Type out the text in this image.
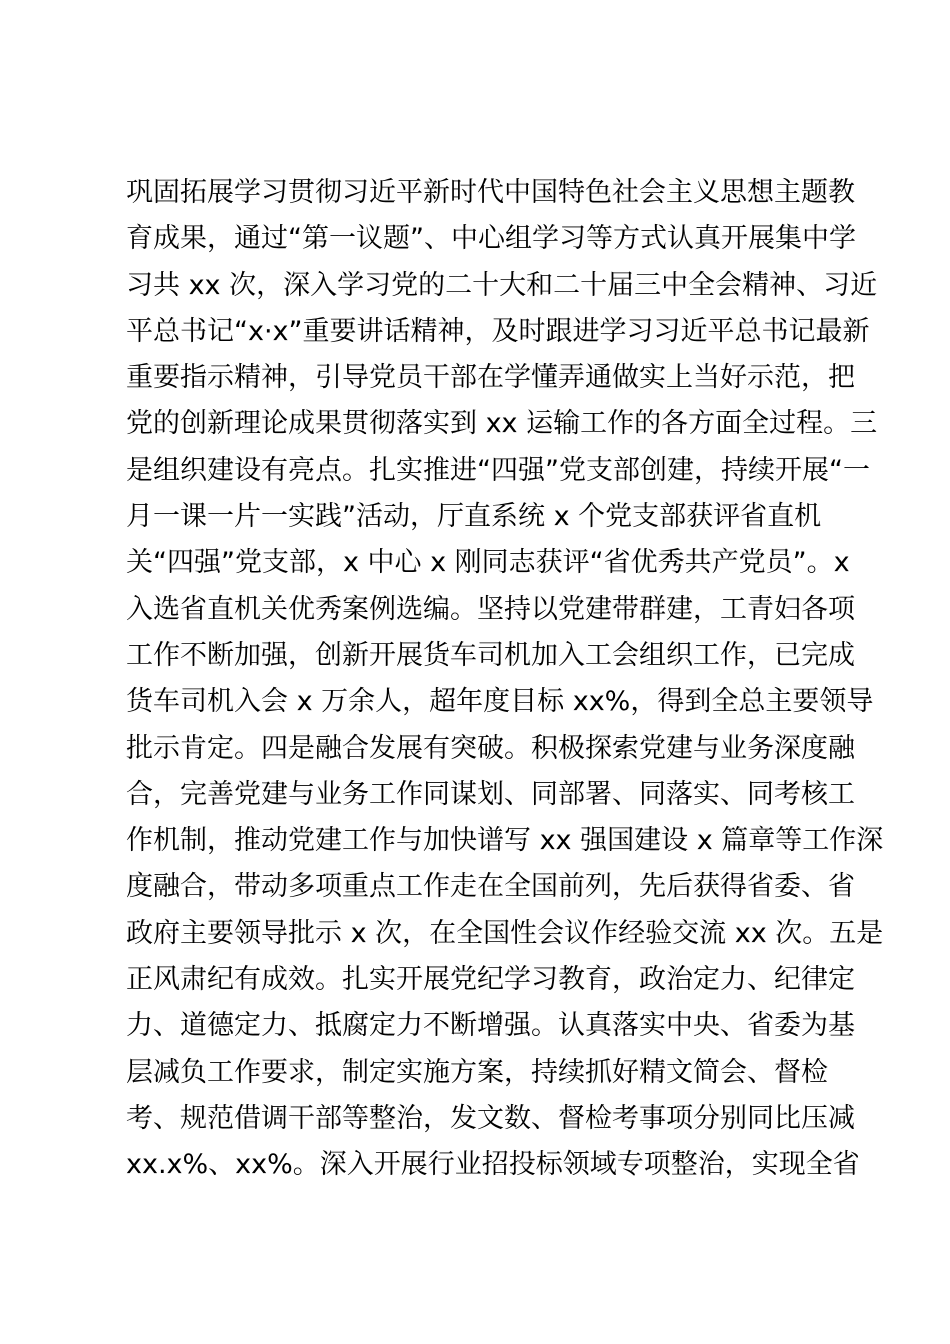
巩固拓展学习贯彻习近平新时代中国特色社会主义思想主题教
育成果，通过“第一议题”、中心组学习等方式认真开展集中学
习共 xx 次，深入学习党的二十大和二十届三中全会精神、习近
平总书记“x·x”重要讲话精神，及时跟进学习习近平总书记最新
重要指示精神，引导党员干部在学懂弄通做实上当好示范，把
党的创新理论成果贯彻落实到 xx 运输工作的各方面全过程。三
是组织建设有亮点。扎实推进“四强”党支部创建，持续开展“一
月一课一片一实践”活动，厅直系统 x 个党支部获评省直机
关“四强”党支部，x 中心 x 刚同志获评“省优秀共产党员”。x
入选省直机关优秀案例选编。坚持以党建带群建，工青妇各项
工作不断加强，创新开展货车司机加入工会组织工作，已完成
货车司机入会 x 万余人，超年度目标 xx%，得到全总主要领导
批示肯定。四是融合发展有突破。积极探索党建与业务深度融
合，完善党建与业务工作同谋划、同部署、同落实、同考核工
作机制，推动党建工作与加快谱写 xx 强国建设 x 篇章等工作深
度融合，带动多项重点工作走在全国前列，先后获得省委、省
政府主要领导批示 x 次，在全国性会议作经验交流 xx 次。五是
正风肃纪有成效。扎实开展党纪学习教育，政治定力、纪律定
力、道德定力、抵腐定力不断增强。认真落实中央、省委为基
层减负工作要求，制定实施方案，持续抓好精文简会、督检
考、规范借调干部等整治，发文数、督检考事项分别同比压减
xx.x%、xx%。深入开展行业招投标领域专项整治，实现全省
